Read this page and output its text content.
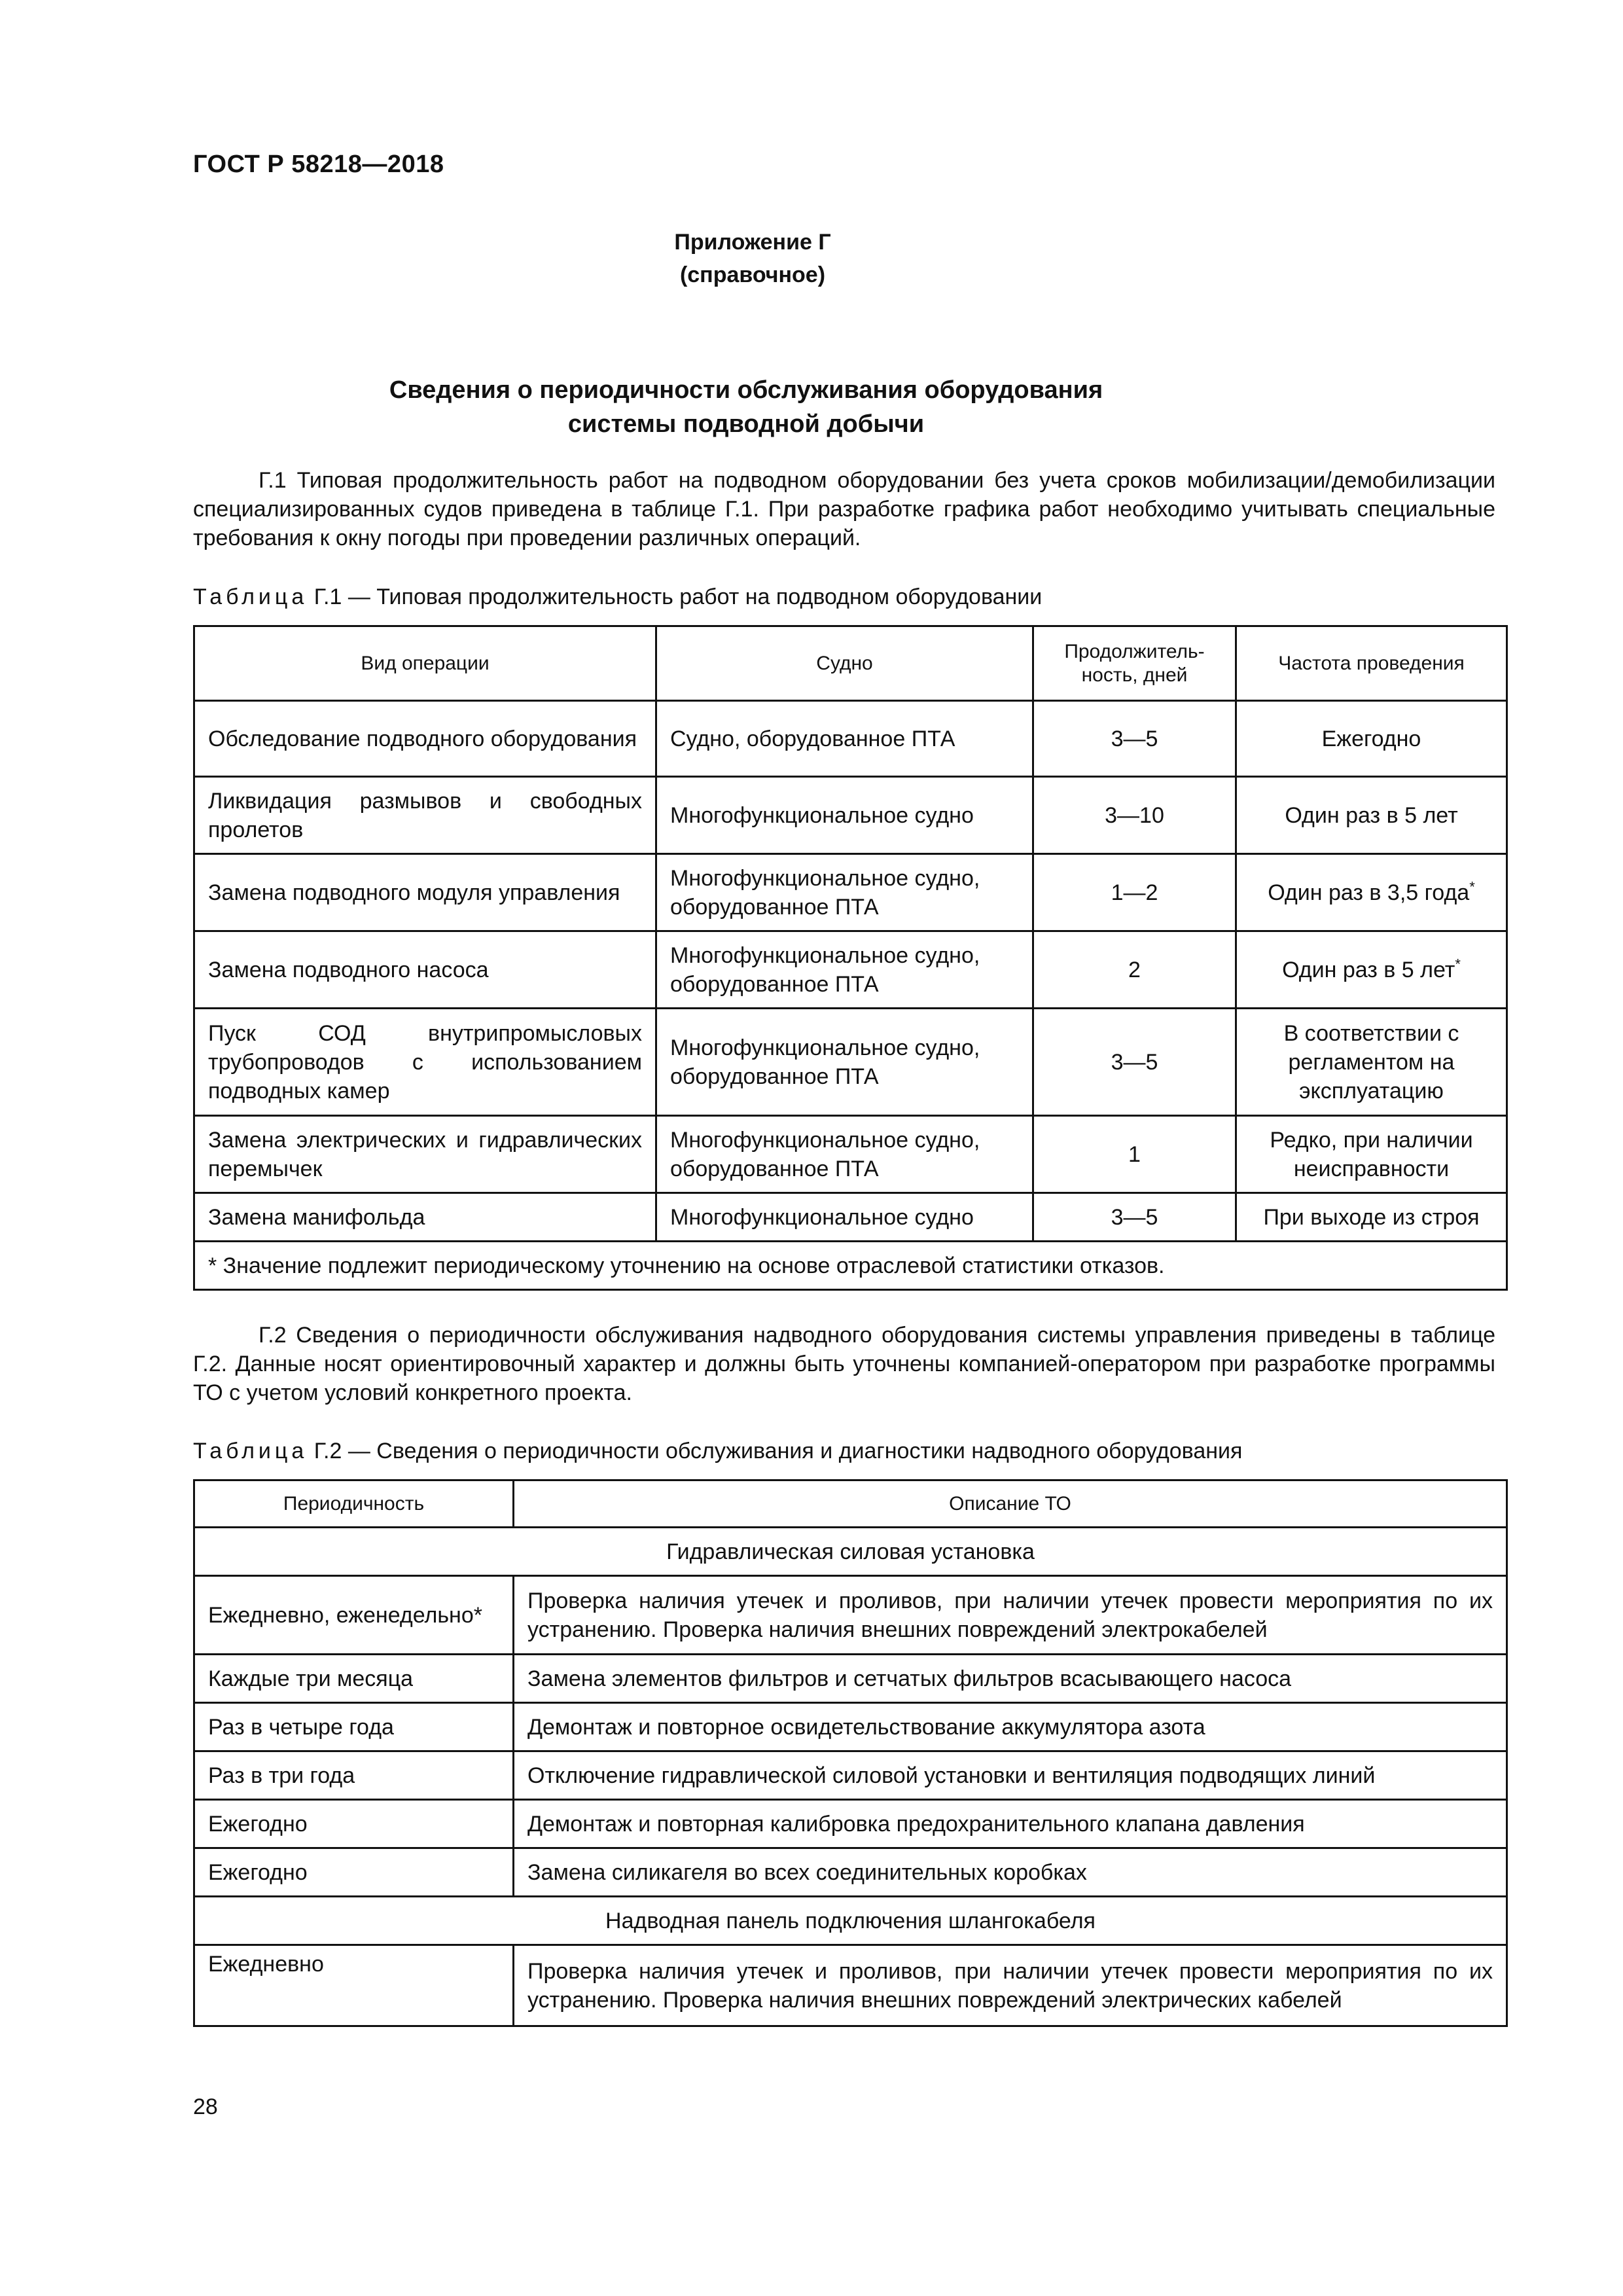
ГОСТ Р 58218—2018
Приложение Г
(справочное)
Сведения о периодичности обслуживания оборудования
системы подводной добычи
Г.1 Типовая продолжительность работ на подводном оборудовании без учета сроков мобилизации/демобилизации специализированных судов приведена в таблице Г.1. При разработке графика работ необходимо учитывать специальные требования к окну погоды при проведении различных операций.
Таблица Г.1 — Типовая продолжительность работ на подводном оборудовании
Вид операции	Судно	Продолжитель-ность, дней	Частота проведения
Обследование подводного оборудования	Судно, оборудованное ПТА	3—5	Ежегодно
Ликвидация размывов и свободных пролетов	Многофункциональное судно	3—10	Один раз в 5 лет
Замена подводного модуля управления	Многофункциональное судно, оборудованное ПТА	1—2	Один раз в 3,5 года*
Замена подводного насоса	Многофункциональное судно, оборудованное ПТА	2	Один раз в 5 лет*
Пуск СОД внутрипромысловых трубопроводов с использованием подводных камер	Многофункциональное судно, оборудованное ПТА	3—5	В соответствии с регламентом на эксплуатацию
Замена электрических и гидравлических перемычек	Многофункциональное судно, оборудованное ПТА	1	Редко, при наличии неисправности
Замена манифольда	Многофункциональное судно	3—5	При выходе из строя
* Значение подлежит периодическому уточнению на основе отраслевой статистики отказов.			
Г.2 Сведения о периодичности обслуживания надводного оборудования системы управления приведены в таблице Г.2. Данные носят ориентировочный характер и должны быть уточнены компанией-оператором при разработке программы ТО с учетом условий конкретного проекта.
Таблица Г.2 — Сведения о периодичности обслуживания и диагностики надводного оборудования
Периодичность	Описание ТО
Гидравлическая силовая установка	
Ежедневно, еженедельно*	Проверка наличия утечек и проливов, при наличии утечек провести мероприятия по их устранению. Проверка наличия внешних повреждений электрокабелей
Каждые три месяца	Замена элементов фильтров и сетчатых фильтров всасывающего насоса
Раз в четыре года	Демонтаж и повторное освидетельствование аккумулятора азота
Раз в три года	Отключение гидравлической силовой установки и вентиляция подводящих линий
Ежегодно	Демонтаж и повторная калибровка предохранительного клапана давления
Ежегодно	Замена силикагеля во всех соединительных коробках
Надводная панель подключения шлангокабеля	
Ежедневно	Проверка наличия утечек и проливов, при наличии утечек провести мероприятия по их устранению. Проверка наличия внешних повреждений электрических кабелей
28
